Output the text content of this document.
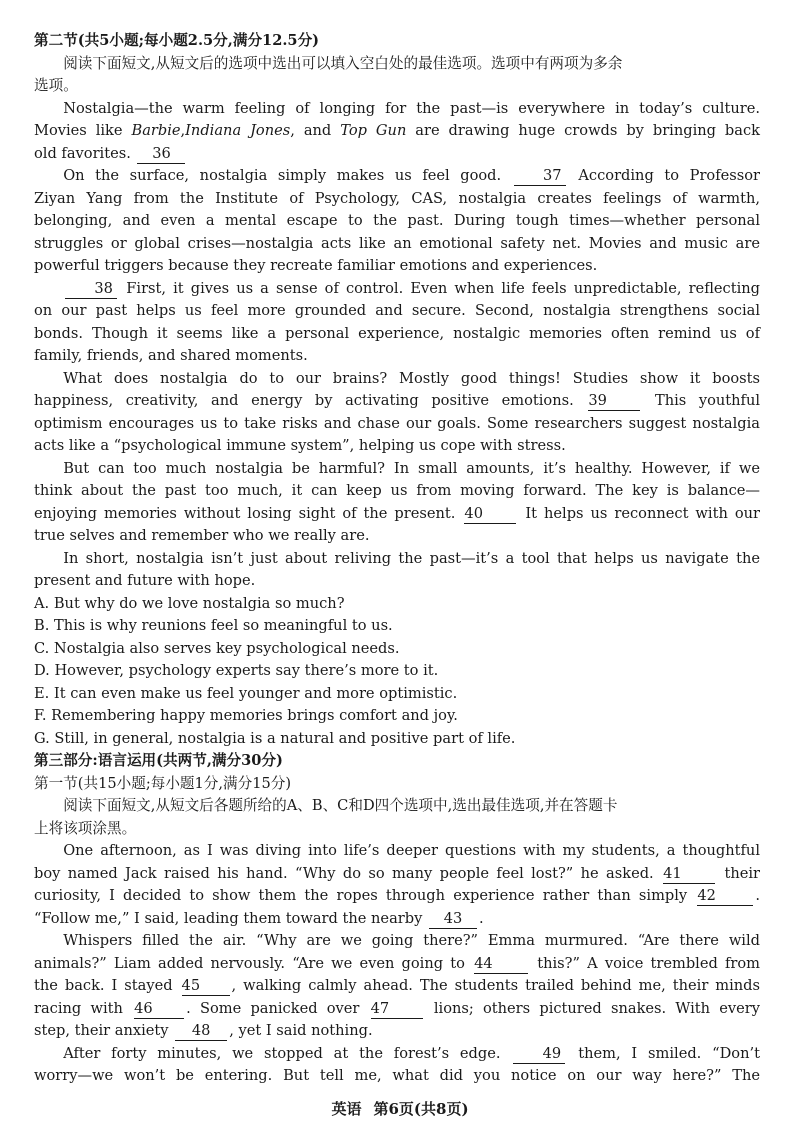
第二节(共5小题;每小题2.5分,满分12.5分)
阅读下面短文,从短文后的选项中选出可以填入空白处的最佳选项。选项中有两项为多余
选项。
Nostalgia—the warm feeling of longing for the past—is everywhere in today’s culture.
Movies like Barbie,Indiana Jones, and Top Gun are drawing huge crowds by bringing back
old favorites. 36
On the surface, nostalgia simply makes us feel good.	37 According to Professor
Ziyan Yang from the Institute of Psychology, CAS, nostalgia creates feelings of warmth,
belonging, and even a mental escape to the past. During tough times—whether personal
struggles or global crises—nostalgia acts like an emotional safety net. Movies and music are
powerful triggers because they recreate familiar emotions and experiences.
38 First, it gives us a sense of control. Even when life feels unpredictable, reflecting
on our past helps us feel more grounded and secure. Second, nostalgia strengthens social
bonds. Though it seems like a personal experience, nostalgic memories often remind us of
family, friends, and shared moments.
What does nostalgia do to our brains? Mostly good things! Studies show it boosts
happiness, creativity, and energy by activating positive emotions. 39	This youthful
optimism encourages us to take risks and chase our goals. Some researchers suggest nostalgia
acts like a “psychological immune system”, helping us cope with stress.
But can too much nostalgia be harmful? In small amounts, it’s healthy. However, if we
think about the past too much, it can keep us from moving forward. The key is balance—
enjoying memories without losing sight of the present. 40	It helps us reconnect with our
true selves and remember who we really are.
In short, nostalgia isn’t just about reliving the past—it’s a tool that helps us navigate the
present and future with hope.
A. But why do we love nostalgia so much?
B. This is why reunions feel so meaningful to us.
C. Nostalgia also serves key psychological needs.
D. However, psychology experts say there’s more to it.
E. It can even make us feel younger and more optimistic.
F. Remembering happy memories brings comfort and joy.
G. Still, in general, nostalgia is a natural and positive part of life.
第三部分:语言运用(共两节,满分30分)
第一节(共15小题;每小题1分,满分15分)
阅读下面短文,从短文后各题所给的A、B、C和D四个选项中,选出最佳选项,并在答题卡
上将该项涂黑。
One afternoon, as I was diving into life’s deeper questions with my students, a thoughtful
boy named Jack raised his hand. “Why do so many people feel lost?” he asked. 41	their
curiosity, I decided to show them the ropes through experience rather than simply 42	.
“Follow me,” I said, leading them toward the nearby 43 .
Whispers filled the air. “Why are we going there?” Emma murmured. “Are there wild
animals?” Liam added nervously. “Are we even going to 44	this?” A voice trembled from
the back. I stayed 45 , walking calmly ahead. The students trailed behind me, their minds
racing with 46 . Some panicked over 47	lions; others pictured snakes. With every
step, their anxiety 48 , yet I said nothing.
After forty minutes, we stopped at the forest’s edge.	49 them, I smiled. “Don’t
worry—we won’t be entering. But tell me, what did you notice on our way here?” The
英语 第6页(共8页)
